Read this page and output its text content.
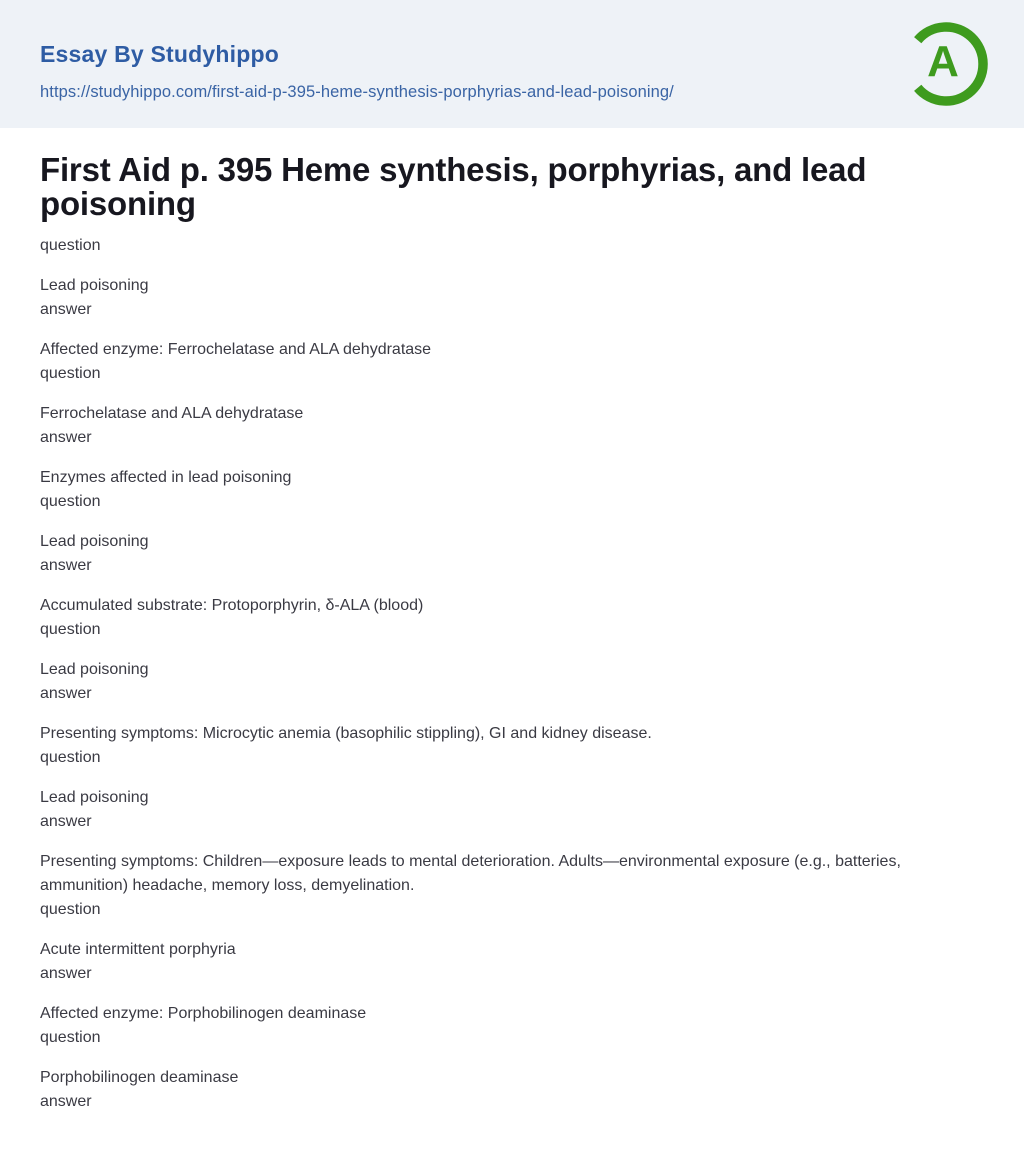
Essay By Studyhippo
https://studyhippo.com/first-aid-p-395-heme-synthesis-porphyrias-and-lead-poisoning/
A
First Aid p. 395 Heme synthesis, porphyrias, and lead poisoning

question

Lead poisoning
answer

Affected enzyme: Ferrochelatase and ALA dehydratase
question

Ferrochelatase and ALA dehydratase
answer

Enzymes affected in lead poisoning
question

Lead poisoning
answer

Accumulated substrate: Protoporphyrin, δ-ALA (blood)
question

Lead poisoning
answer

Presenting symptoms: Microcytic anemia (basophilic stippling), GI and kidney disease.
question

Lead poisoning
answer

Presenting symptoms: Children—exposure leads to mental deterioration. Adults—environmental exposure (e.g., batteries, ammunition) headache, memory loss, demyelination.
question

Acute intermittent porphyria
answer

Affected enzyme: Porphobilinogen deaminase
question

Porphobilinogen deaminase
answer
